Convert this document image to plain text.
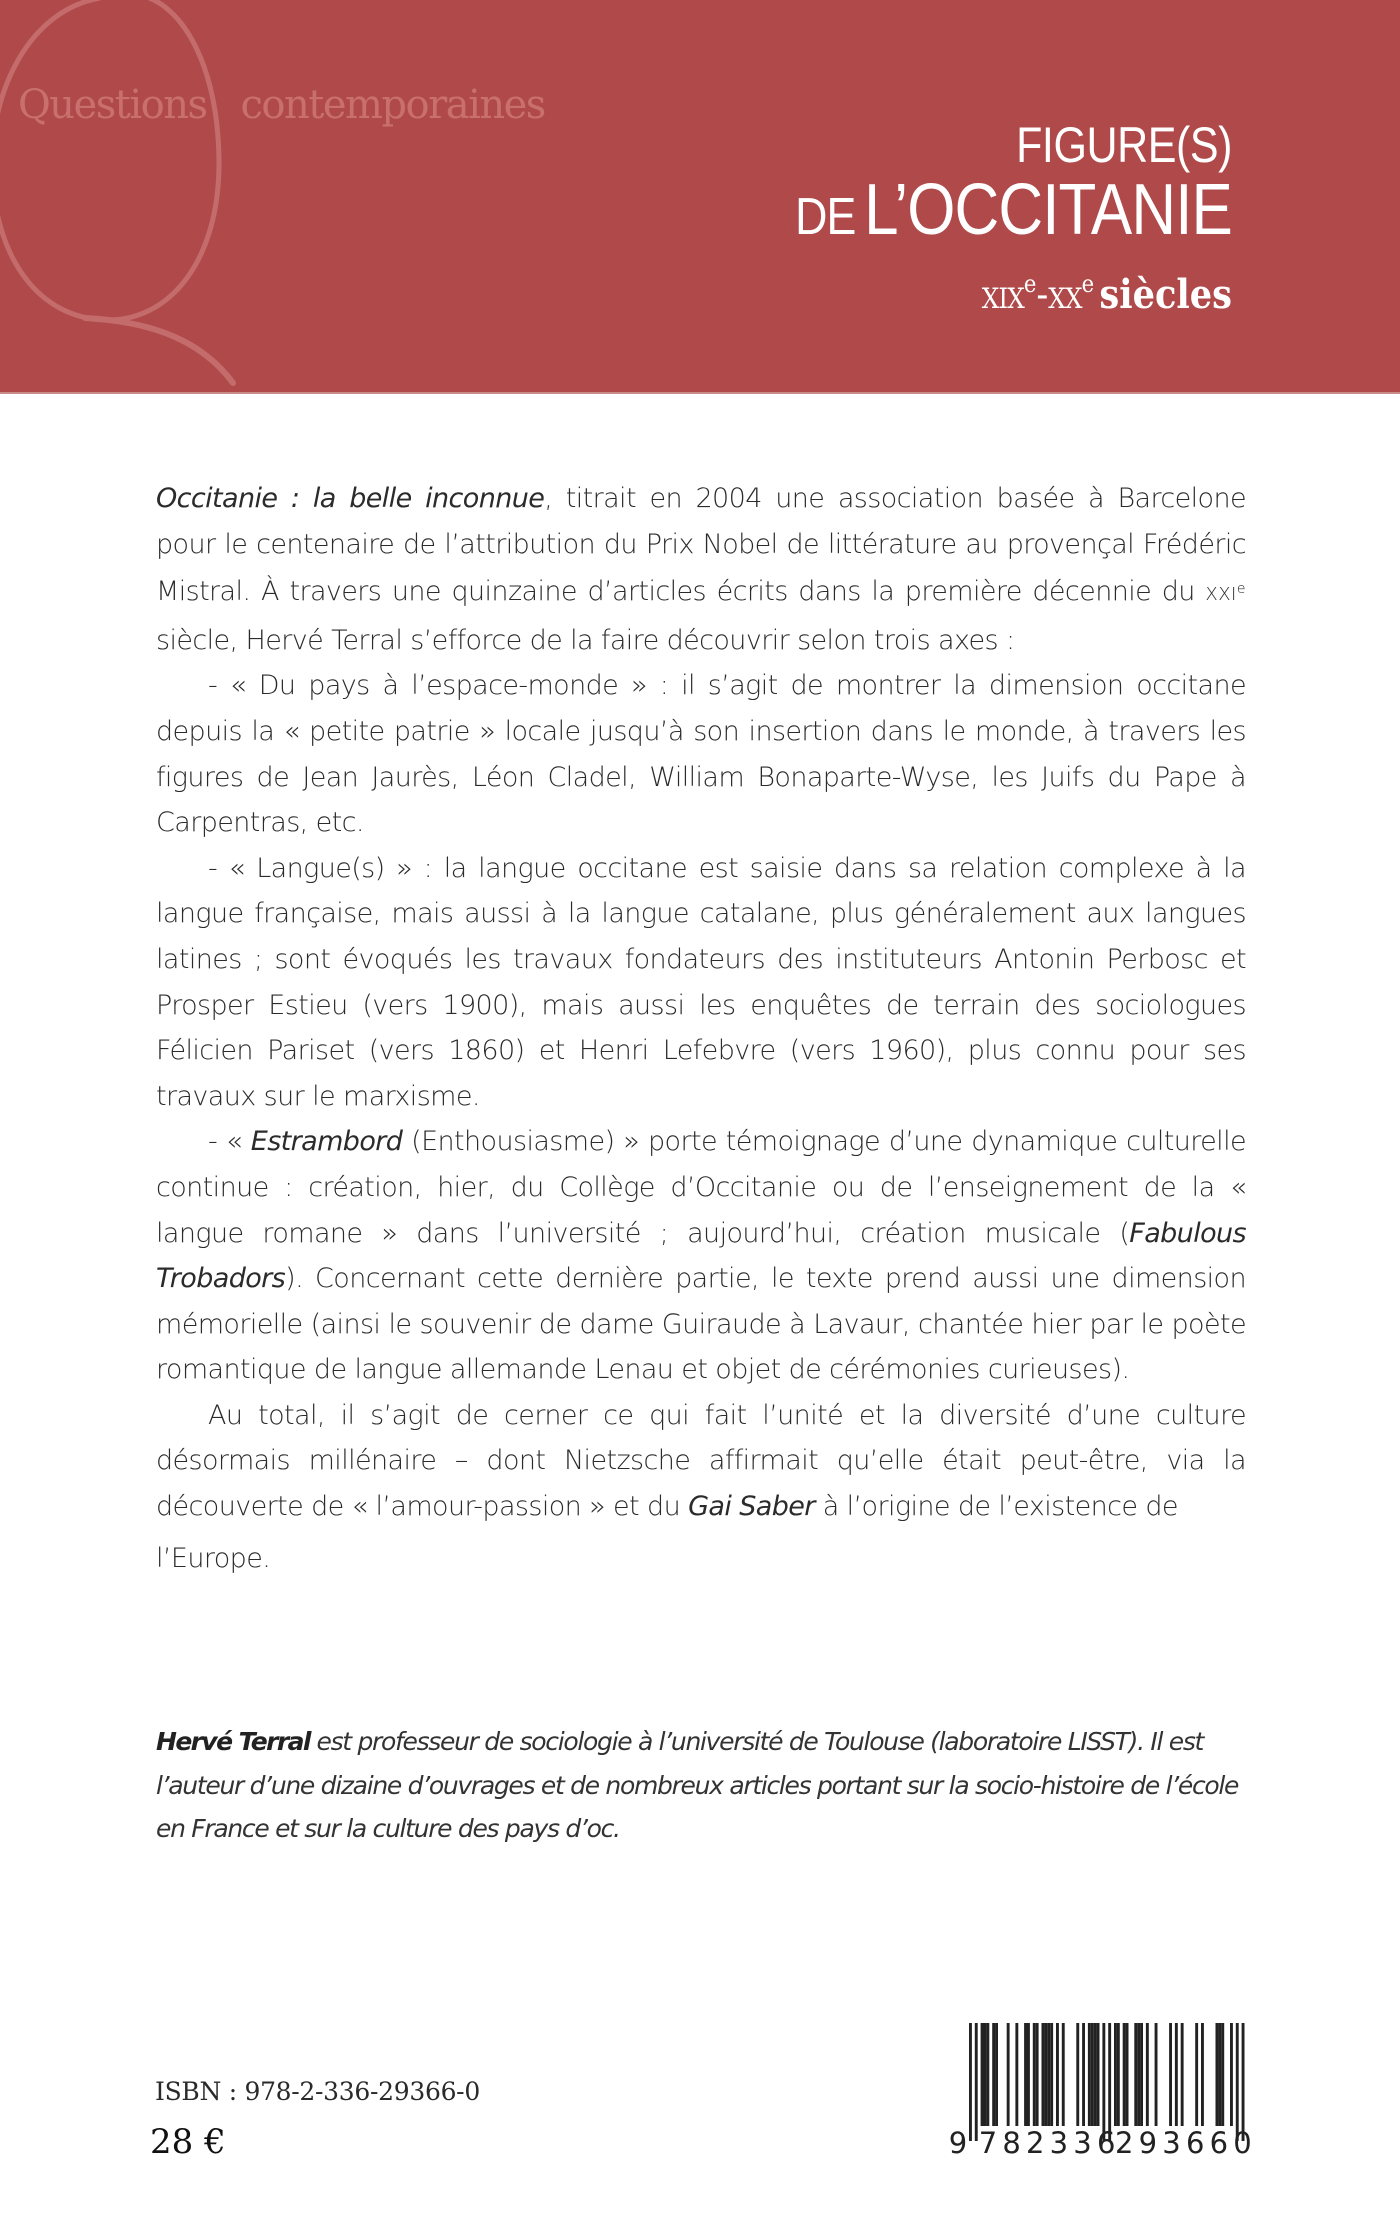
Questions contemporaines
FIGURE(S)
DE L’OCCITANIE
$xix^e-xx^e$ siècles

Occitanie : la belle inconnue, titrait en 2004 une association basée à Barcelone pour le centenaire de l’attribution du Prix Nobel de littérature au provençal Frédéric Mistral. À travers une quinzaine d’articles écrits dans la première décennie du XXIe siècle, Hervé Terral s’efforce de la faire découvrir selon trois axes :

- « Du pays à l’espace-monde » : il s’agit de montrer la dimension occitane depuis la « petite patrie » locale jusqu’à son insertion dans le monde, à travers les figures de Jean Jaurès, Léon Cladel, William Bonaparte-Wyse, les Juifs du Pape à Carpentras, etc.

- « Langue(s) » : la langue occitane est saisie dans sa relation complexe à la langue française, mais aussi à la langue catalane, plus généralement aux langues latines ; sont évoqués les travaux fondateurs des instituteurs Antonin Perbosc et Prosper Estieu (vers 1900), mais aussi les enquêtes de terrain des sociologues Félicien Pariset (vers 1860) et Henri Lefebvre (vers 1960), plus connu pour ses travaux sur le marxisme.

- « Estrambord (Enthousiasme) » porte témoignage d’une dynamique culturelle continue : création, hier, du Collège d’Occitanie ou de l’enseignement de la « langue romane » dans l’université ; aujourd’hui, création musicale (Fabulous Trobadors). Concernant cette dernière partie, le texte prend aussi une dimension mémorielle (ainsi le souvenir de dame Guiraude à Lavaur, chantée hier par le poète romantique de langue allemande Lenau et objet de cérémonies curieuses).

Au total, il s’agit de cerner ce qui fait l’unité et la diversité d’une culture désormais millénaire – dont Nietzsche affirmait qu’elle était peut-être, via la découverte de « l’amour-passion » et du Gai Saber à l’origine de l’existence de

l’Europe.

Hervé Terral est professeur de sociologie à l’université de Toulouse (laboratoire LISST). Il est l’auteur d’une dizaine d’ouvrages et de nombreux articles portant sur la socio-histoire de l’école en France et sur la culture des pays d’oc.
ISBN : 978-2-336-29366-0
28 €	9 782336
293660
